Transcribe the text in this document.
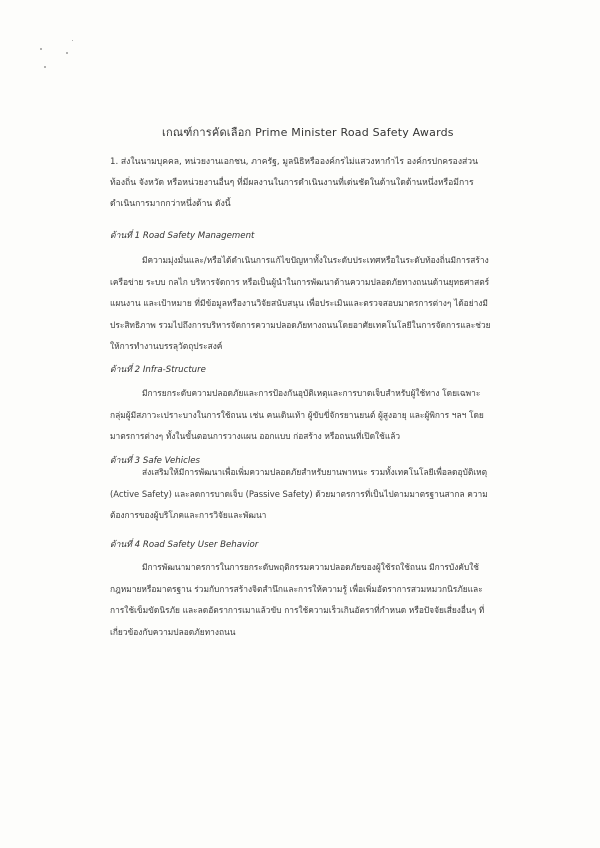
เกณฑ์การคัดเลือก Prime Minister Road Safety Awards

1. ส่งในนามบุคคล, หน่วยงานเอกชน, ภาครัฐ, มูลนิธิหรือองค์กรไม่แสวงหากำไร องค์กรปกครองส่วน

ท้องถิ่น จังหวัด หรือหน่วยงานอื่นๆ ที่มีผลงานในการดำเนินงานที่เด่นชัดในด้านใดด้านหนึ่งหรือมีการ

ดำเนินการมากกว่าหนึ่งด้าน ดังนี้

ด้านที่ 1 Road Safety Management

มีความมุ่งมั่นและ/หรือได้ดำเนินการแก้ไขปัญหาทั้งในระดับประเทศหรือในระดับท้องถิ่นมีการสร้าง

เครือข่าย ระบบ กลไก บริหารจัดการ หรือเป็นผู้นำในการพัฒนาด้านความปลอดภัยทางถนนด้านยุทธศาสตร์

แผนงาน และเป้าหมาย ที่มีข้อมูลหรืองานวิจัยสนับสนุน เพื่อประเมินและตรวจสอบมาตรการต่างๆ ได้อย่างมี

ประสิทธิภาพ รวมไปถึงการบริหารจัดการความปลอดภัยทางถนนโดยอาศัยเทคโนโลยีในการจัดการและช่วย

ให้การทำงานบรรลุวัตถุประสงค์

ด้านที่ 2 Infra-Structure

มีการยกระดับความปลอดภัยและการป้องกันอุบัติเหตุและการบาดเจ็บสำหรับผู้ใช้ทาง โดยเฉพาะ

กลุ่มผู้มีสภาวะเปราะบางในการใช้ถนน เช่น คนเดินเท้า ผู้ขับขี่จักรยานยนต์ ผู้สูงอายุ และผู้พิการ ฯลฯ โดย

มาตรการต่างๆ ทั้งในขั้นตอนการวางแผน ออกแบบ ก่อสร้าง หรือถนนที่เปิดใช้แล้ว

ด้านที่ 3 Safe Vehicles

ส่งเสริมให้มีการพัฒนาเพื่อเพิ่มความปลอดภัยสำหรับยานพาหนะ รวมทั้งเทคโนโลยีเพื่อลดอุบัติเหตุ

(Active Safety) และลดการบาดเจ็บ (Passive Safety) ด้วยมาตรการที่เป็นไปตามมาตรฐานสากล ความ

ต้องการของผู้บริโภคและการวิจัยและพัฒนา

ด้านที่ 4 Road Safety User Behavior

มีการพัฒนามาตรการในการยกระดับพฤติกรรมความปลอดภัยของผู้ใช้รถใช้ถนน มีการบังคับใช้

กฎหมายหรือมาตรฐาน ร่วมกับการสร้างจิตสำนึกและการให้ความรู้ เพื่อเพิ่มอัตราการสวมหมวกนิรภัยและ

การใช้เข็มขัดนิรภัย และลดอัตราการเมาแล้วขับ การใช้ความเร็วเกินอัตราที่กำหนด หรือปัจจัยเสี่ยงอื่นๆ ที่

เกี่ยวข้องกับความปลอดภัยทางถนน
